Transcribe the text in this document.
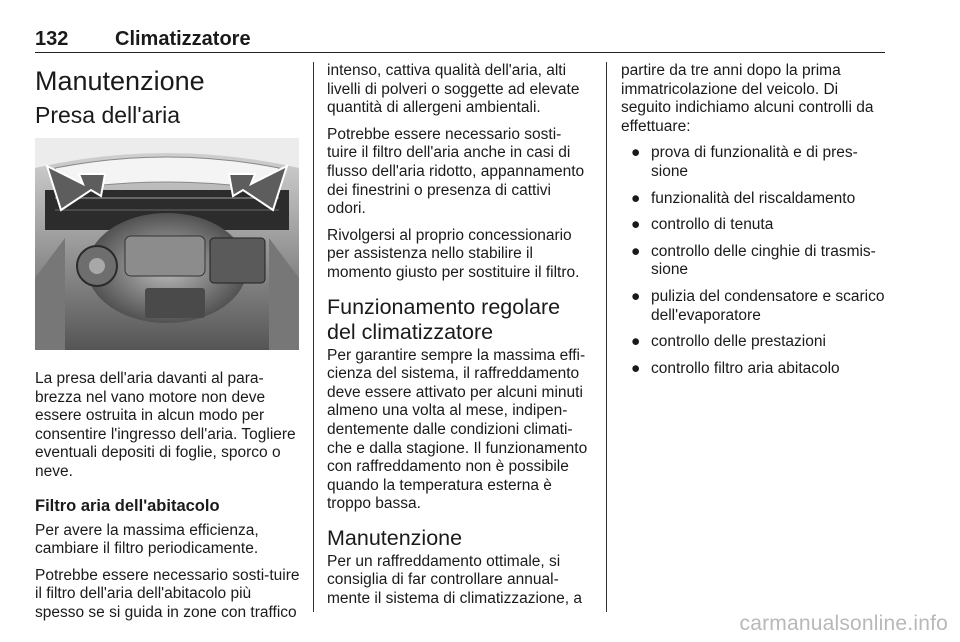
132 Climatizzatore
Manutenzione
Presa dell'aria

La presa dell'aria davanti al para-brezza nel vano motore non deve essere ostruita in alcun modo per consentire l'ingresso dell'aria. Togliere eventuali depositi di foglie, sporco o neve.

Filtro aria dell'abitacolo

Per avere la massima efficienza, cambiare il filtro periodicamente.

Potrebbe essere necessario sosti-tuire il filtro dell'aria dell'abitacolo più spesso se si guida in zone con traffico

intenso, cattiva qualità dell'aria, alti livelli di polveri o soggette ad elevate quantità di allergeni ambientali.

Potrebbe essere necessario sosti-tuire il filtro dell'aria anche in casi di flusso dell'aria ridotto, appannamento dei finestrini o presenza di cattivi odori.

Rivolgersi al proprio concessionario per assistenza nello stabilire il momento giusto per sostituire il filtro.

Funzionamento regolare del climatizzatore

Per garantire sempre la massima effi-cienza del sistema, il raffreddamento deve essere attivato per alcuni minuti almeno una volta al mese, indipen-dentemente dalle condizioni climati-che e dalla stagione. Il funzionamento con raffreddamento non è possibile quando la temperatura esterna è troppo bassa.

Manutenzione

Per un raffreddamento ottimale, si consiglia di far controllare annual-mente il sistema di climatizzazione, a

partire da tre anni dopo la prima immatricolazione del veicolo. Di seguito indichiamo alcuni controlli da effettuare:

● prova di funzionalità e di pres-sione
● funzionalità del riscaldamento
● controllo di tenuta
● controllo delle cinghie di trasmis-sione
● pulizia del condensatore e scarico dell'evaporatore
● controllo delle prestazioni
● controllo filtro aria abitacolo
carmanualsonline.info
